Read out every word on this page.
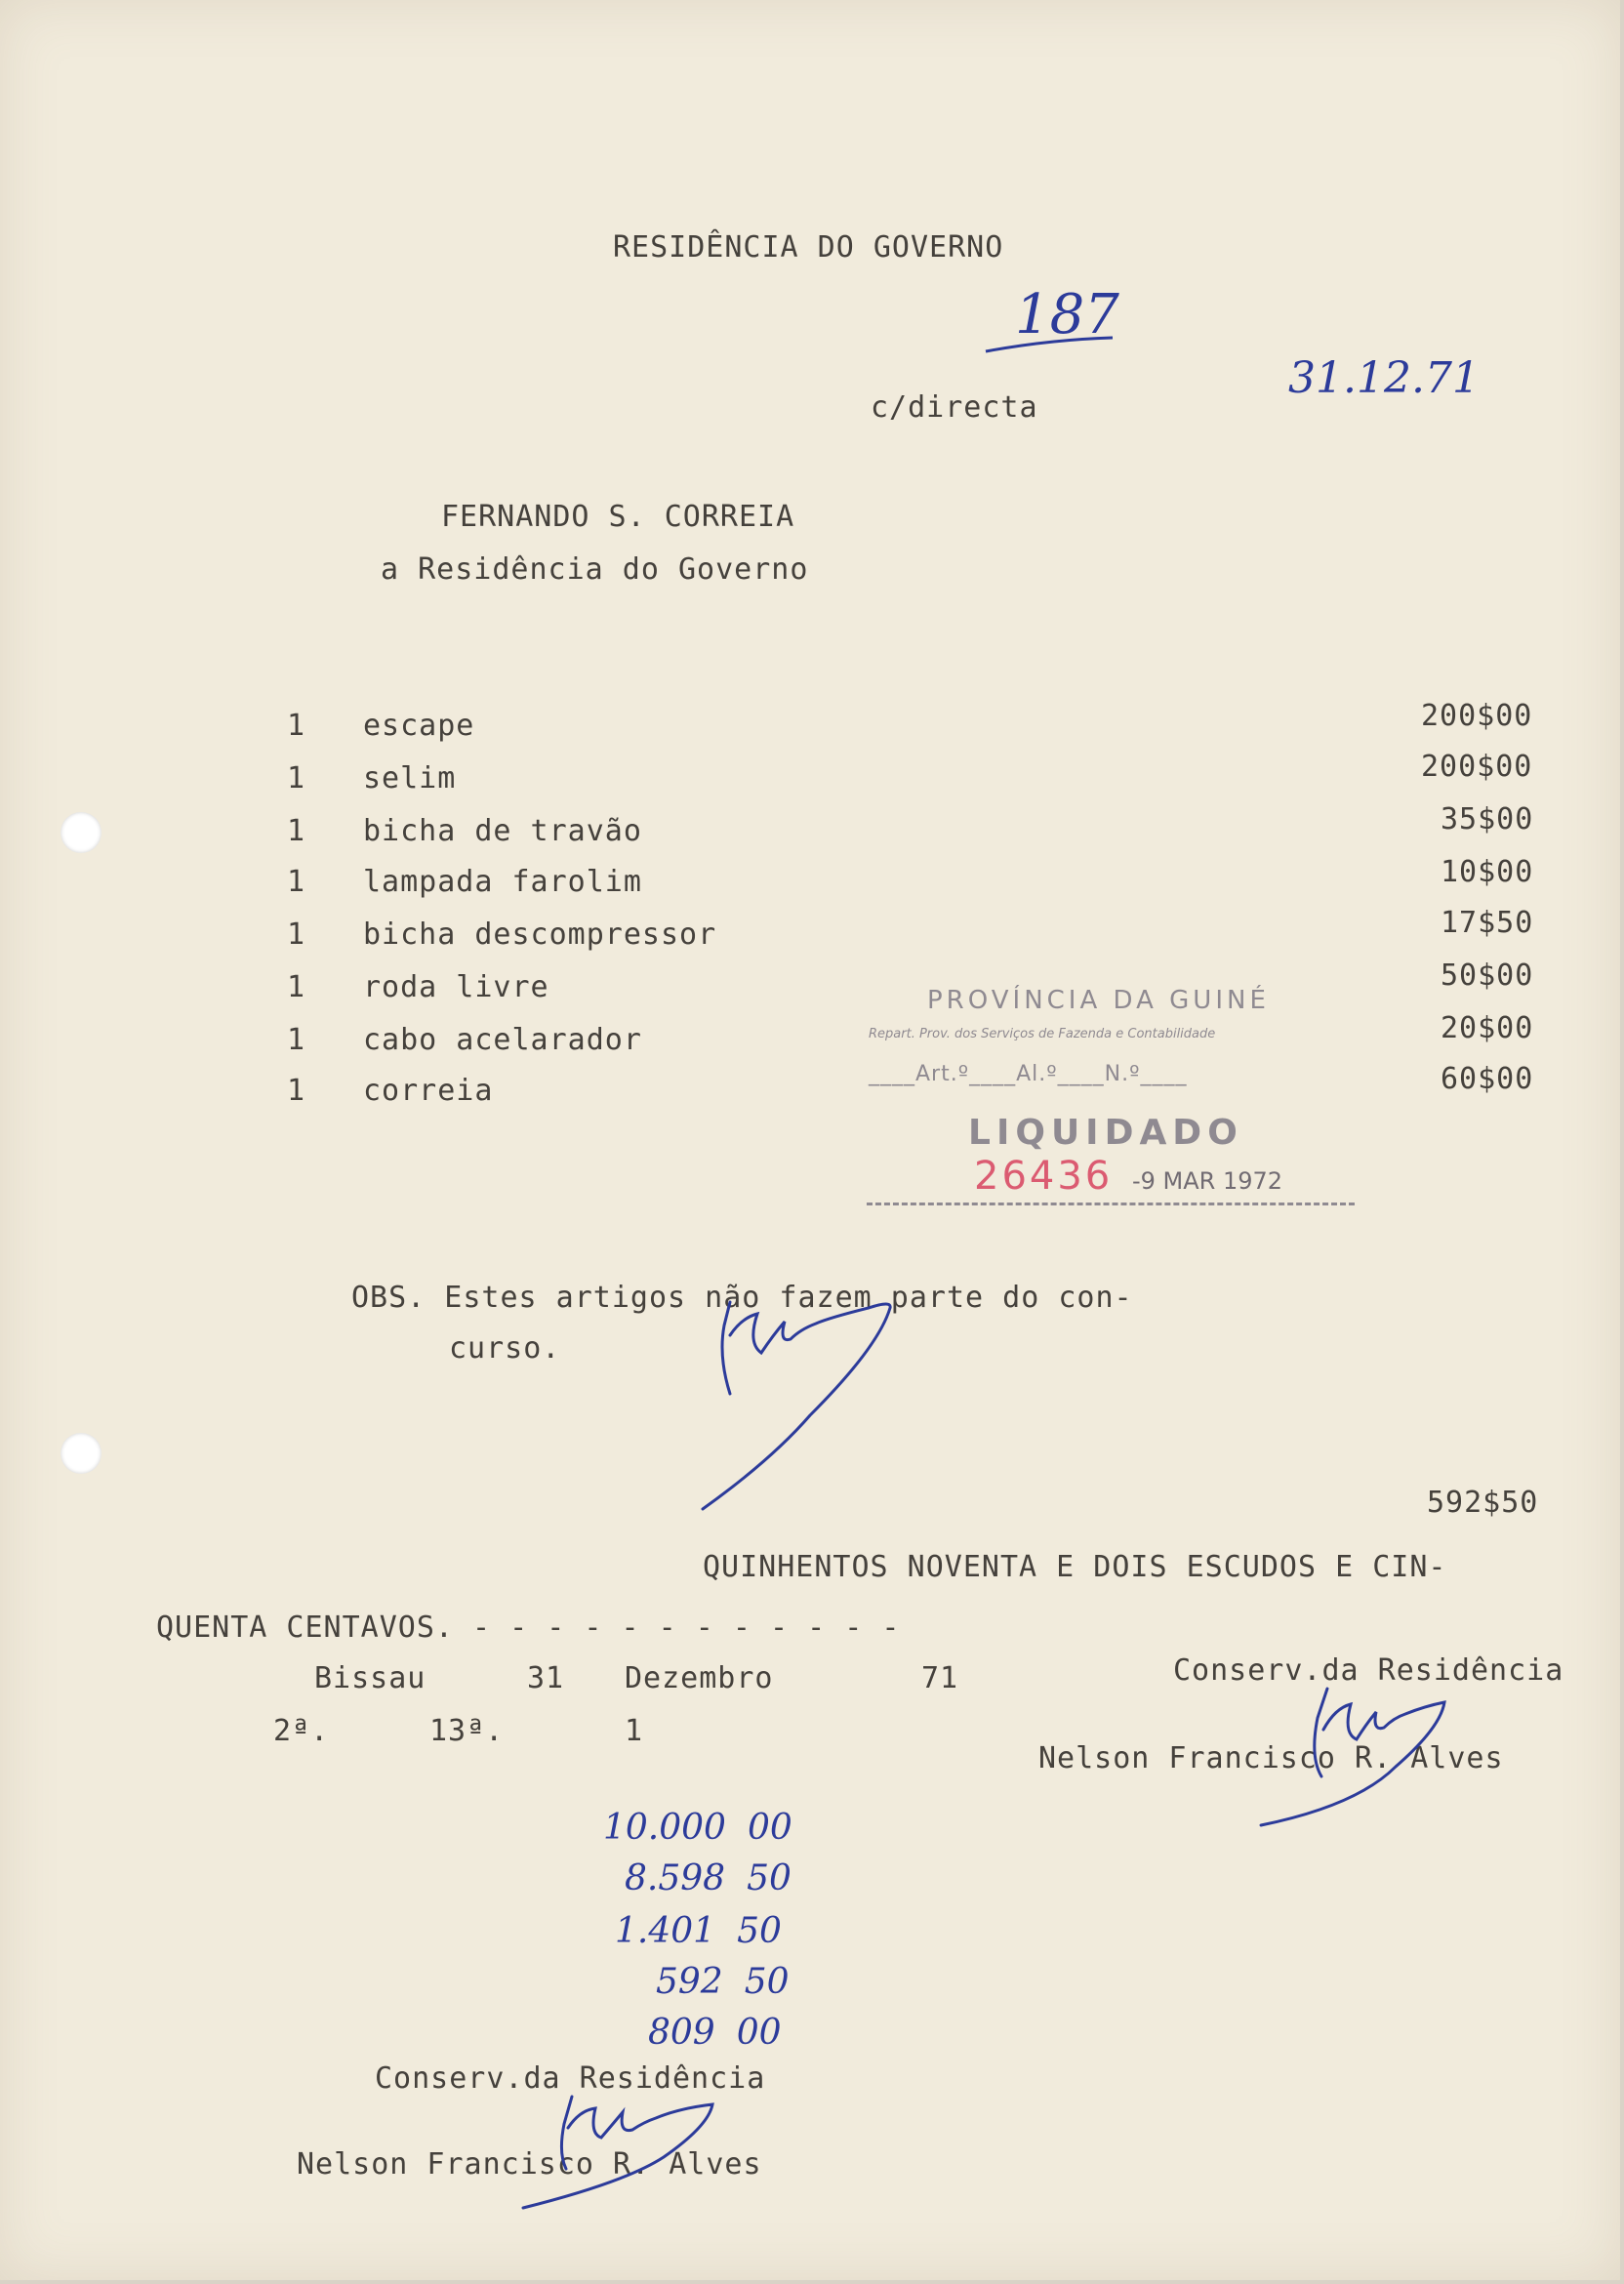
RESIDÊNCIA DO GOVERNO
187
c/directa
31.12.71
FERNANDO S. CORREIA
a Residência do Governo
1 escape	200$00
1 selim	200$00
1 bicha de travão	35$00
1 lampada farolim	10$00
1 bicha descompressor	17$50
1 roda livre	50$00
1 cabo acelarador	20$00
1 correia	60$00
PROVÍNCIA DA GUINÉ
Repart. Prov. dos Serviços de Fazenda e Contabilidade
____Art.º____Al.º____N.º____
LIQUIDADO
26436 -9 MAR 1972
OBS. Estes artigos não fazem parte do con-
curso.
592$50
QUINHENTOS NOVENTA E DOIS ESCUDOS E CIN-
QUENTA CENTAVOS. - - - - - - - - - - - -
Bissau	31 Dezembro	71
2ª.	13ª.	1
Conserv.da Residência
Nelson Francisco R. Alves
10.000 00
8.598 50
1.401 50
592 50
809 00
Conserv.da Residência
Nelson Francisco R. Alves
